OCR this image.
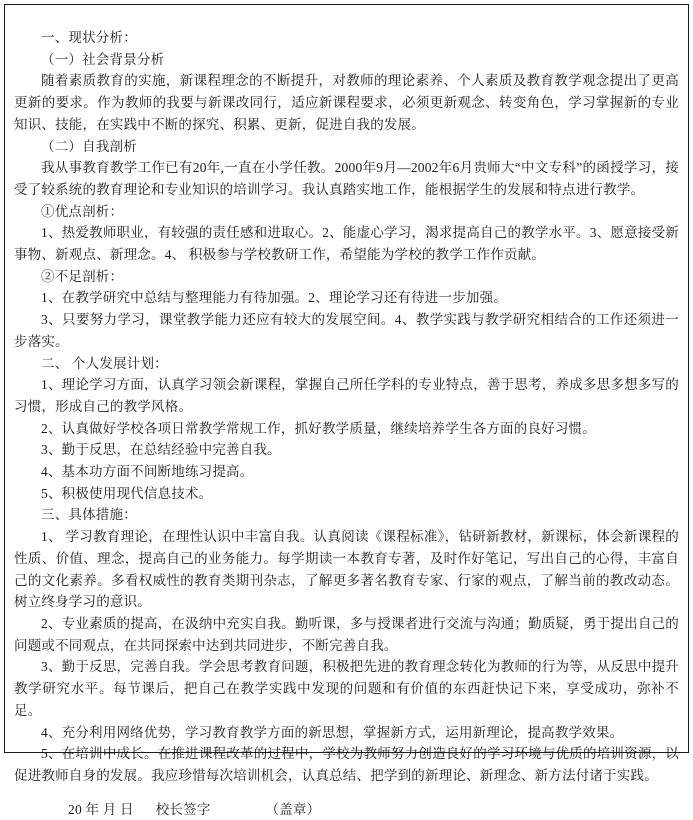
一、现状分析：

（一）社会背景分析

随着素质教育的实施，新课程理念的不断提升，对教师的理论素养、个人素质及教育教学观念提出了更高更新的要求。作为教师的我要与新课改同行，适应新课程要求，必须更新观念、转变角色，学习掌握新的专业知识、技能，在实践中不断的探究、积累、更新，促进自我的发展。

（二）自我剖析

我从事教育教学工作已有20年,一直在小学任教。2000年9月—2002年6月贵师大“中文专科”的函授学习，接受了较系统的教育理论和专业知识的培训学习。我认真踏实地工作，能根据学生的发展和特点进行教学。

①优点剖析：

1、热爱教师职业，有较强的责任感和进取心。2、能虚心学习，渴求提高自己的教学水平。3、愿意接受新事物、新观点、新理念。4、 积极参与学校教研工作，希望能为学校的教学工作作贡献。

②不足剖析：

1、在教学研究中总结与整理能力有待加强。2、理论学习还有待进一步加强。

3、只要努力学习，课堂教学能力还应有较大的发展空间。4、教学实践与教学研究相结合的工作还须进一步落实。

二、 个人发展计划：

1、理论学习方面，认真学习领会新课程，掌握自己所任学科的专业特点，善于思考，养成多思多想多写的习惯，形成自己的教学风格。

2、认真做好学校各项日常教学常规工作，抓好教学质量，继续培养学生各方面的良好习惯。

3、勤于反思，在总结经验中完善自我。

4、基本功方面不间断地练习提高。

5、积极使用现代信息技术。

三、具体措施：

1、 学习教育理论，在理性认识中丰富自我。认真阅读《课程标准》，钻研新教材，新课标，体会新课程的性质、价值、理念，提高自己的业务能力。每学期读一本教育专著，及时作好笔记，写出自己的心得，丰富自己的文化素养。多看权威性的教育类期刊杂志，了解更多著名教育专家、行家的观点，了解当前的教改动态。树立终身学习的意识。

2、专业素质的提高，在汲纳中充实自我。勤听课，多与授课者进行交流与沟通；勤质疑，勇于提出自己的问题或不同观点，在共同探索中达到共同进步，不断完善自我。

3、勤于反思，完善自我。学会思考教育问题，积极把先进的教育理念转化为教师的行为等，从反思中提升教学研究水平。每节课后，把自己在教学实践中发现的问题和有价值的东西赶快记下来，享受成功，弥补不足。

4、充分利用网络优势，学习教育教学方面的新思想，掌握新方式，运用新理论，提高教学效果。

5、在培训中成长。在推进课程改革的过程中，学校为教师努力创造良好的学习环境与优质的培训资源，以促进教师自身的发展。我应珍惜每次培训机会，认真总结、把学到的新理论、新理念、新方法付诸于实践。

20 年 月 日 校长签字	（盖章）
